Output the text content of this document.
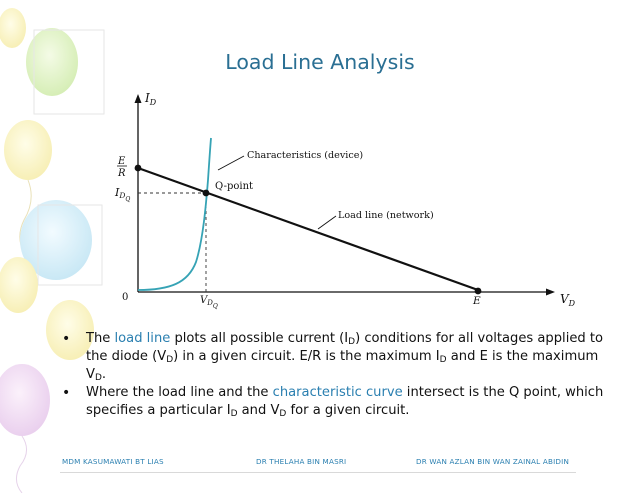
Load Line Analysis
$I_D$
$V_D$
0	E
E
R
$ID_Q$
$V_{DQ}$
Q-point
Characteristics (device)
Load line (network)
• The load line plots all possible current $(I_D)$ conditions for all voltages applied to the diode $(V_D)$ in a given circuit. E/R is the maximum $I_D$ and E is the maximum $V_D$.
• Where the load line and the characteristic curve intersect is the Q point, which specifies a particular $I_D$ and $V_D$ for a given circuit.
MDM KASUMAWATI BT LIAS	DR THELAHA BIN MASRI	DR WAN AZLAN BIN WAN ZAINAL ABIDIN
